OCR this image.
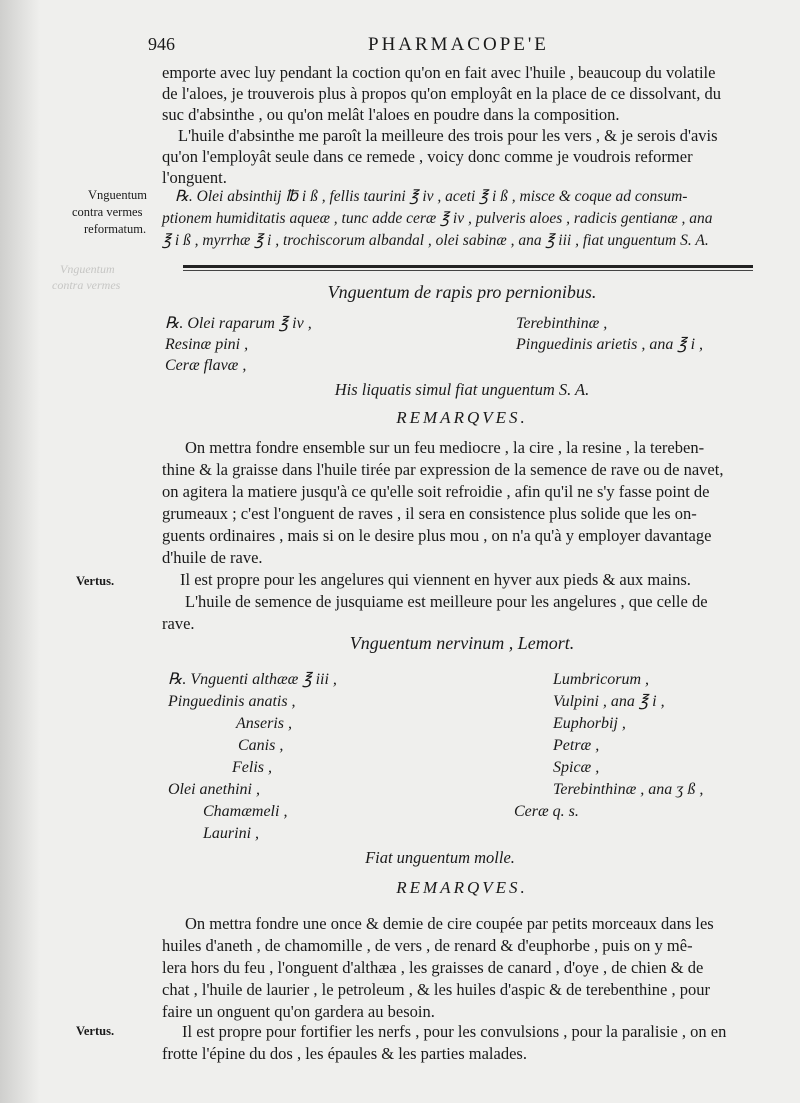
Vnguentum
contra vermes
946	PHARMACOPE'E
emporte avec luy pendant la coction qu'on en fait avec l'huile , beaucoup du volatile
de l'aloes, je trouverois plus à propos qu'on employât en la place de ce dissolvant, du
suc d'absinthe , ou qu'on melât l'aloes en poudre dans la composition.
L'huile d'absinthe me paroît la meilleure des trois pour les vers , & je serois d'avis
qu'on l'employât seule dans ce remede , voicy donc comme je voudrois reformer
l'onguent.
Vnguentum
contra vermes
reformatum.
℞. Olei absinthij ℔ i ß , fellis taurini ℥ iv , aceti ℥ i ß , misce & coque ad consum-
ptionem humiditatis aqueæ , tunc adde ceræ ℥ iv , pulveris aloes , radicis gentianæ , ana
℥ i ß , myrrhæ ℥ i , trochiscorum albandal , olei sabinæ , ana ℥ iii , fiat unguentum S. A.
Vnguentum de rapis pro pernionibus.
℞. Olei raparum ℥ iv ,
Resinæ pini ,
Ceræ flavæ ,
Terebinthinæ ,
Pinguedinis arietis , ana ℥ i ,
His liquatis simul fiat unguentum S. A.
REMARQVES.
On mettra fondre ensemble sur un feu mediocre , la cire , la resine , la tereben-
thine & la graisse dans l'huile tirée par expression de la semence de rave ou de navet,
on agitera la matiere jusqu'à ce qu'elle soit refroidie , afin qu'il ne s'y fasse point de
grumeaux ; c'est l'onguent de raves , il sera en consistence plus solide que les on-
guents ordinaires , mais si on le desire plus mou , on n'a qu'à y employer davantage
d'huile de rave.
Vertus.	Il est propre pour les angelures qui viennent en hyver aux pieds & aux mains.
L'huile de semence de jusquiame est meilleure pour les angelures , que celle de
rave.
Vnguentum nervinum , Lemort.
℞. Vnguenti althææ ℥ iii ,
Pinguedinis anatis ,
Anseris ,
Canis ,
Felis ,
Olei anethini ,
Chamæmeli ,
Laurini ,
Lumbricorum ,
Vulpini , ana ℥ i ,
Euphorbij ,
Petræ ,
Spicæ ,
Terebinthinæ , ana ʒ ß ,
Ceræ q. s.
Fiat unguentum molle.
REMARQVES.
On mettra fondre une once & demie de cire coupée par petits morceaux dans les
huiles d'aneth , de chamomille , de vers , de renard & d'euphorbe , puis on y mê-
lera hors du feu , l'onguent d'althæa , les graisses de canard , d'oye , de chien & de
chat , l'huile de laurier , le petroleum , & les huiles d'aspic & de terebenthine , pour
faire un onguent qu'on gardera au besoin.
Vertus.	Il est propre pour fortifier les nerfs , pour les convulsions , pour la paralisie , on en
frotte l'épine du dos , les épaules & les parties malades.
